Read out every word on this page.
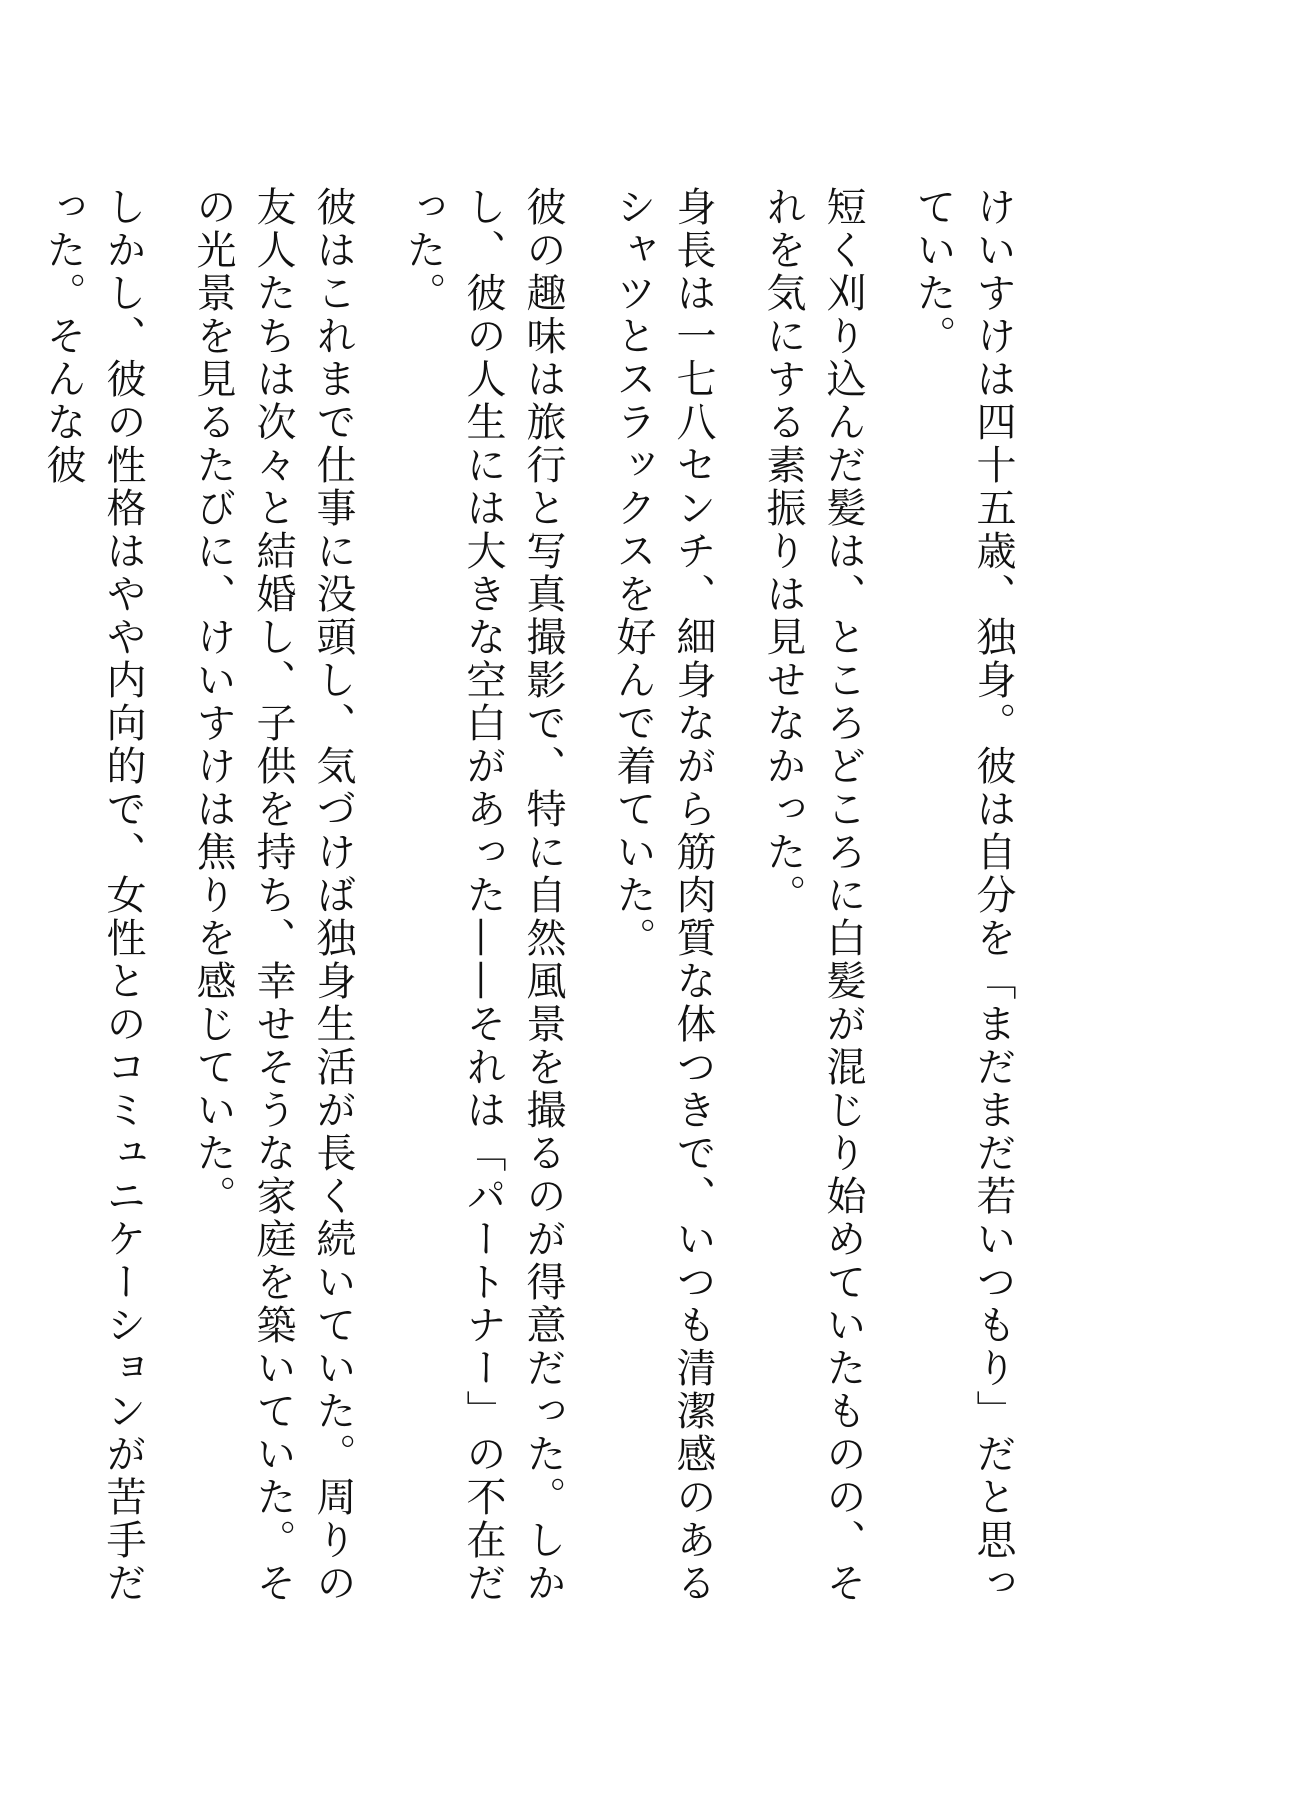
けいすけは四十五歳、独身。彼は自分を「まだまだ若いつもり」だと思っていた。

短く刈り込んだ髪は、ところどころに白髪が混じり始めていたものの、それを気にする素振りは見せなかった。

身長は一七八センチ、細身ながら筋肉質な体つきで、いつも清潔感のあるシャツとスラックスを好んで着ていた。

彼の趣味は旅行と写真撮影で、特に自然風景を撮るのが得意だった。しかし、彼の人生には大きな空白があった——それは「パートナー」の不在だった。

彼はこれまで仕事に没頭し、気づけば独身生活が長く続いていた。周りの友人たちは次々と結婚し、子供を持ち、幸せそうな家庭を築いていた。その光景を見るたびに、けいすけは焦りを感じていた。

しかし、彼の性格はやや内向的で、女性とのコミュニケーションが苦手だった。そんな彼
